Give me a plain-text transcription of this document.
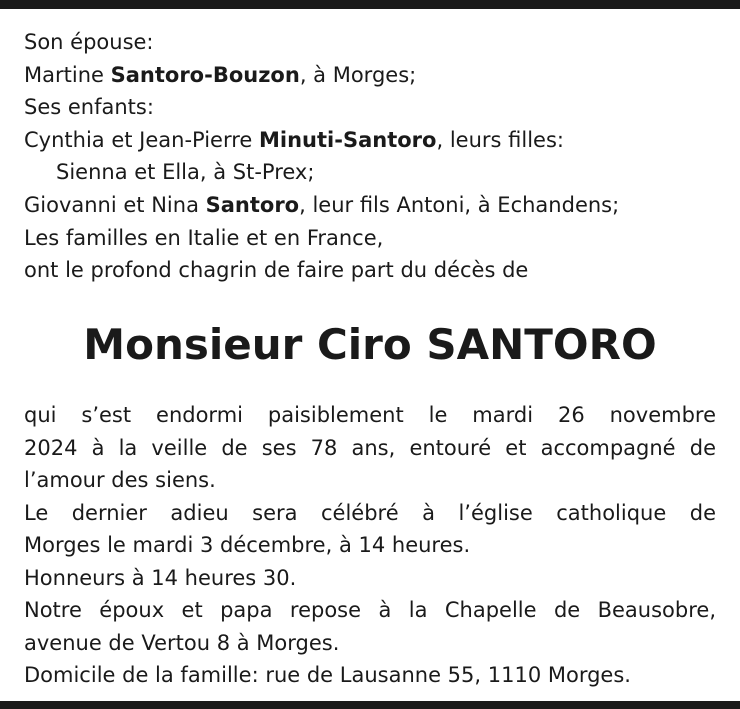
Son épouse:

Martine Santoro-Bouzon, à Morges;

Ses enfants:

Cynthia et Jean-Pierre Minuti-Santoro, leurs filles:

Sienna et Ella, à St-Prex;

Giovanni et Nina Santoro, leur fils Antoni, à Echandens;

Les familles en Italie et en France,

ont le profond chagrin de faire part du décès de

Monsieur Ciro SANTORO

qui s’est endormi paisiblement le mardi 26 novembre

2024 à la veille de ses 78 ans, entouré et accompagné de

l’amour des siens.

Le dernier adieu sera célébré à l’église catholique de

Morges le mardi 3 décembre, à 14 heures.

Honneurs à 14 heures 30.

Notre époux et papa repose à la Chapelle de Beausobre,

avenue de Vertou 8 à Morges.

Domicile de la famille: rue de Lausanne 55, 1110 Morges.
